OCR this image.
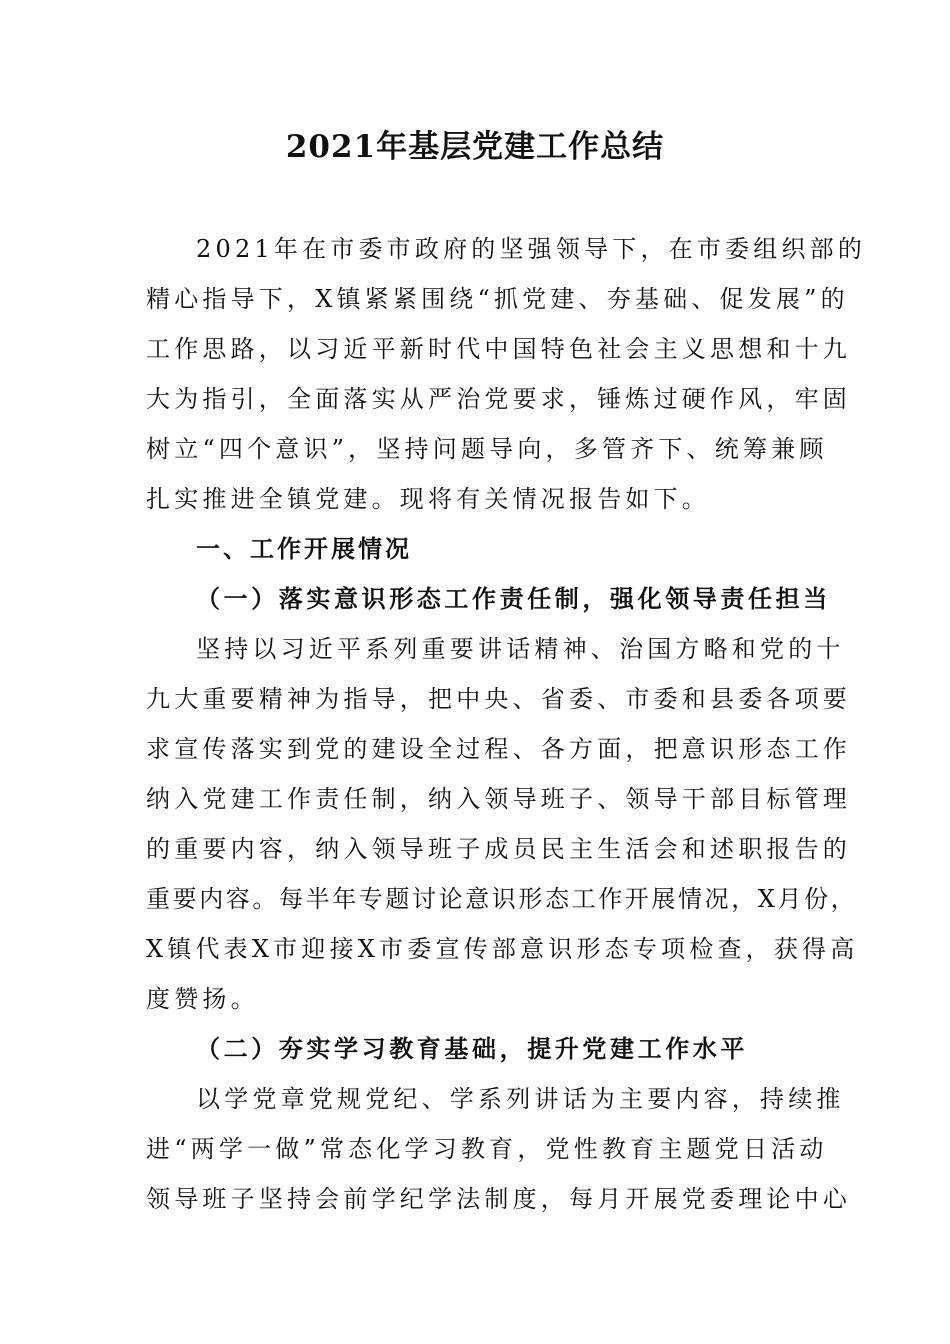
2021年基层党建工作总结
2021年在市委市政府的坚强领导下，在市委组织部的
精心指导下，X镇紧紧围绕“抓党建、夯基础、促发展”的
工作思路，以习近平新时代中国特色社会主义思想和十九
大为指引，全面落实从严治党要求，锤炼过硬作风，牢固
树立“四个意识”，坚持问题导向，多管齐下、统筹兼顾
扎实推进全镇党建。现将有关情况报告如下。
一、工作开展情况
（一）落实意识形态工作责任制，强化领导责任担当
坚持以习近平系列重要讲话精神、治国方略和党的十
九大重要精神为指导，把中央、省委、市委和县委各项要
求宣传落实到党的建设全过程、各方面，把意识形态工作
纳入党建工作责任制，纳入领导班子、领导干部目标管理
的重要内容，纳入领导班子成员民主生活会和述职报告的
重要内容。每半年专题讨论意识形态工作开展情况，X月份，
X镇代表X市迎接X市委宣传部意识形态专项检查，获得高
度赞扬。
（二）夯实学习教育基础，提升党建工作水平
以学党章党规党纪、学系列讲话为主要内容，持续推
进“两学一做”常态化学习教育，党性教育主题党日活动
领导班子坚持会前学纪学法制度，每月开展党委理论中心
